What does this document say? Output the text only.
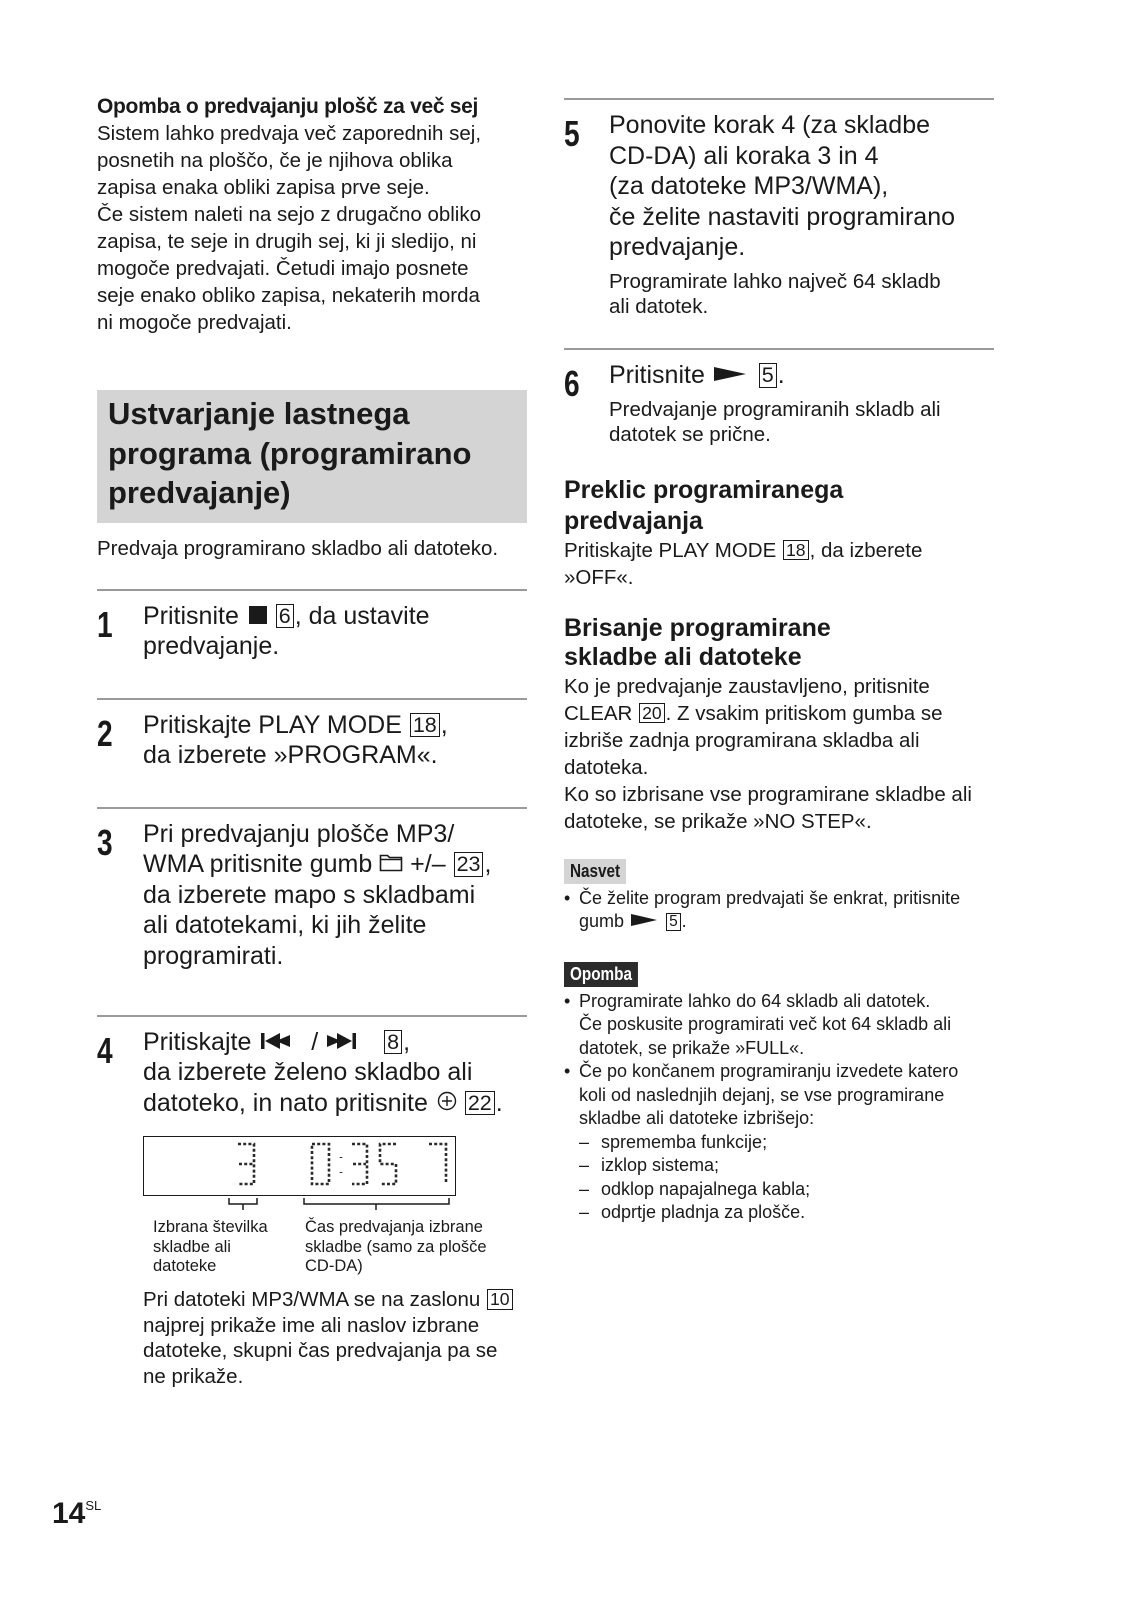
Opomba o predvajanju plošč za več sej
Sistem lahko predvaja več zaporednih sej,
posnetih na ploščo, če je njihova oblika
zapisa enaka obliki zapisa prve seje.
Če sistem naleti na sejo z drugačno obliko
zapisa, te seje in drugih sej, ki ji sledijo, ni
mogoče predvajati. Četudi imajo posnete
seje enako obliko zapisa, nekaterih morda
ni mogoče predvajati.
Ustvarjanje lastnega
programa (programirano
predvajanje)
Predvaja programirano skladbo ali datoteko.
1 Pritisnite 6 , da ustavite
predvajanje.
2 Pritiskajte PLAY MODE 18 ,
da izberete »PROGRAM«.
3 Pri predvajanju plošče MP3/
WMA pritisnite gumb +/– 23 ,
da izberete mapo s skladbami
ali datotekami, ki jih želite
programirati.
4 Pritiskajte /	8 ,
da izberete želeno skladbo ali
datoteko, in nato pritisnite 22 .
Izbrana številka
skladbe ali
datoteke
Čas predvajanja izbrane
skladbe (samo za plošče
CD-DA)
Pri datoteki MP3/WMA se na zaslonu 10
najprej prikaže ime ali naslov izbrane
datoteke, skupni čas predvajanja pa se
ne prikaže.
5 Ponovite korak 4 (za skladbe
CD-DA) ali koraka 3 in 4
(za datoteke MP3/WMA),
če želite nastaviti programirano
predvajanje.
Programirate lahko največ 64 skladb
ali datotek.
6 Pritisnite	5 .
Predvajanje programiranih skladb ali
datotek se prične.
Preklic programiranega
predvajanja
Pritiskajte PLAY MODE 18 , da izberete »OFF«.
Brisanje programirane
skladbe ali datoteke
Ko je predvajanje zaustavljeno, pritisnite
CLEAR 20 . Z vsakim pritiskom gumba se
izbriše zadnja programirana skladba ali
datoteka.
Ko so izbrisane vse programirane skladbe ali
datoteke, se prikaže »NO STEP«.
Nasvet
• Če želite program predvajati še enkrat, pritisnite
gumb	5 .
Opomba
• Programirate lahko do 64 skladb ali datotek.
Če poskusite programirati več kot 64 skladb ali
datotek, se prikaže »FULL«.
• Če po končanem programiranju izvedete katero
koli od naslednjih dejanj, se vse programirane
skladbe ali datoteke izbrišejo:
– sprememba funkcije;
– izklop sistema;
– odklop napajalnega kabla;
– odprtje pladnja za plošče.
$14^{SL}$
